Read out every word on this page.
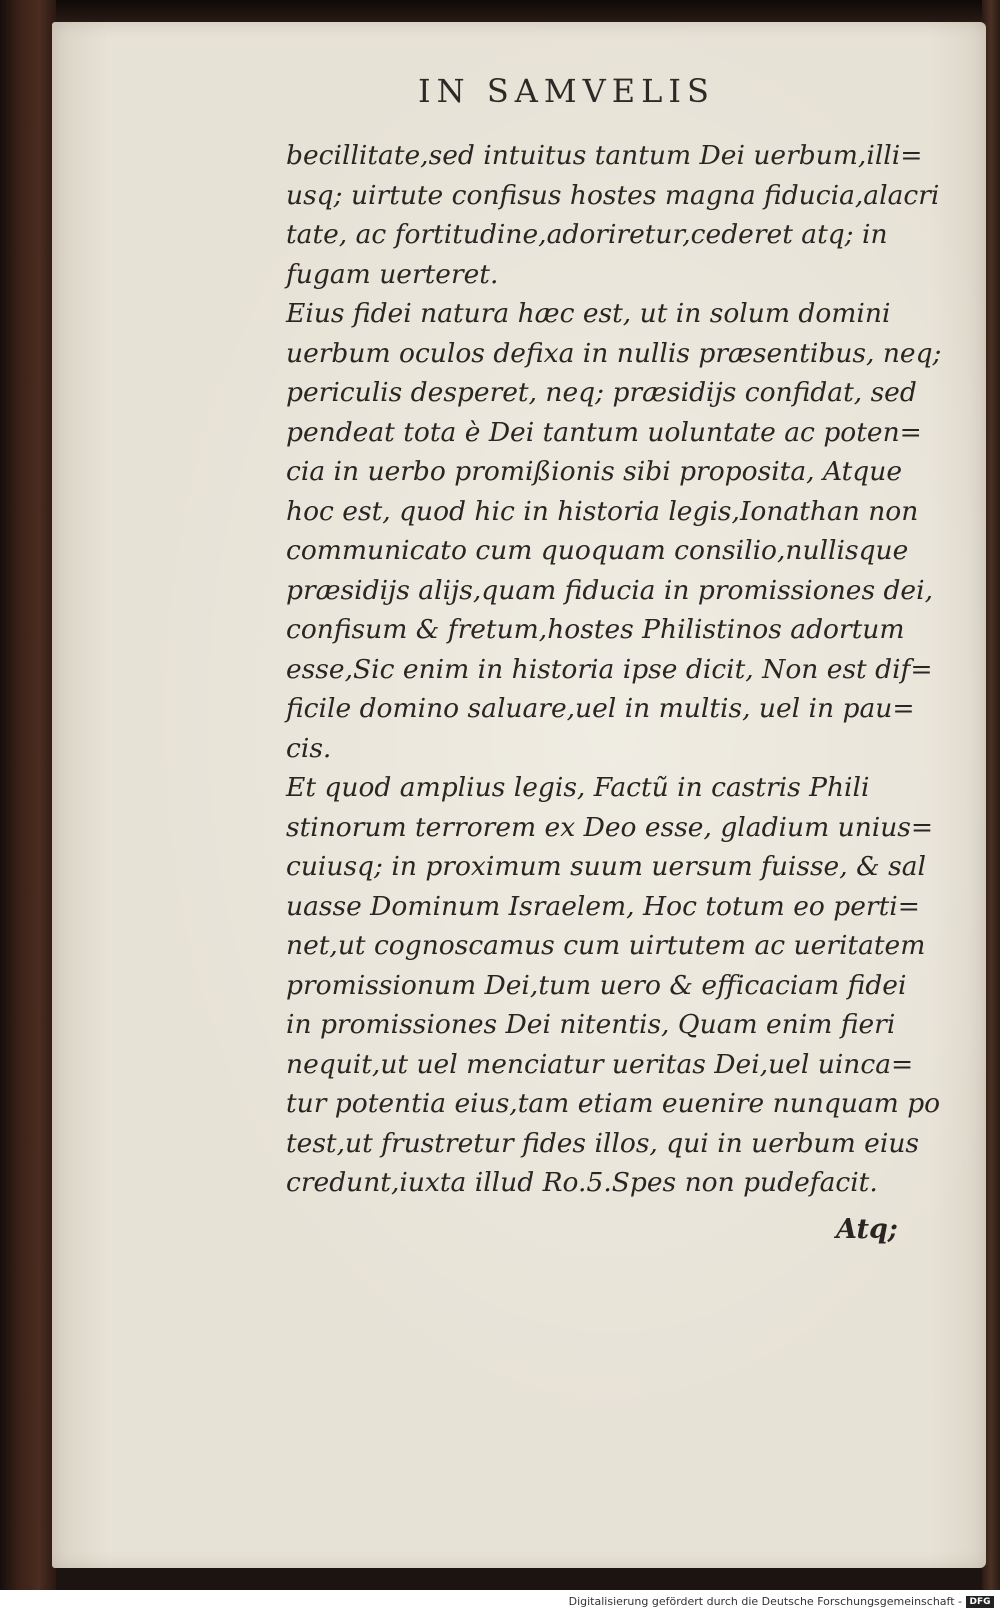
IN SAMVELIS
becillitate,sed intuitus tantum Dei uerbum,illi=
usq; uirtute confisus hostes magna fiducia,alacri
tate, ac fortitudine,adoriretur,cederet atq; in
fugam uerteret.
Eius fidei natura hæc est, ut in solum domini
uerbum oculos defixa in nullis præsentibus, neq;
periculis desperet, neq; præsidijs confidat, sed
pendeat tota è Dei tantum uoluntate ac poten=
cia in uerbo promißionis sibi proposita, Atque
hoc est, quod hic in historia legis,Ionathan non
communicato cum quoquam consilio,nullisque
præsidijs alijs,quam fiducia in promissiones dei,
confisum & fretum,hostes Philistinos adortum
esse,Sic enim in historia ipse dicit, Non est dif=
ficile domino saluare,uel in multis, uel in pau=
cis.
Et quod amplius legis, Factũ in castris Phili
stinorum terrorem ex Deo esse, gladium unius=
cuiusq; in proximum suum uersum fuisse, & sal
uasse Dominum Israelem, Hoc totum eo perti=
net,ut cognoscamus cum uirtutem ac ueritatem
promissionum Dei,tum uero & efficaciam fidei
in promissiones Dei nitentis, Quam enim fieri
nequit,ut uel menciatur ueritas Dei,uel uinca=
tur potentia eius,tam etiam euenire nunquam po
test,ut frustretur fides illos, qui in uerbum eius
credunt,iuxta illud Ro.5.Spes non pudefacit.
Atq;
Digitalisierung gefördert durch die Deutsche Forschungsgemeinschaft - DFG
